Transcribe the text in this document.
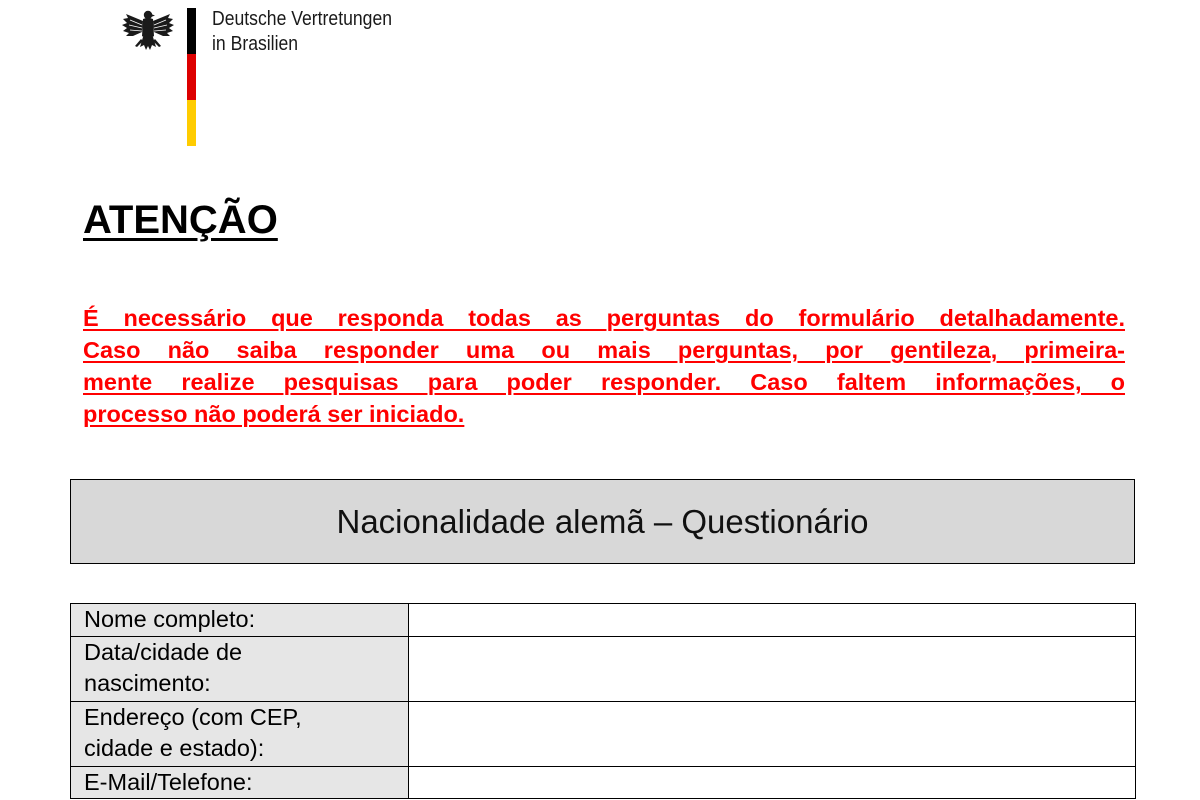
Deutsche Vertretungen
in Brasilien
ATENÇÃO

É necessário que responda todas as perguntas do formulário detalhadamente.
Caso não saiba responder uma ou mais perguntas, por gentileza, primeira-
mente realize pesquisas para poder responder. Caso faltem informações, o
processo não poderá ser iniciado.

Nacionalidade alemã – Questionário
Nome completo:	

Data/cidade de nascimento:	

Endereço (com CEP, cidade e estado):	

E-Mail/Telefone:	
